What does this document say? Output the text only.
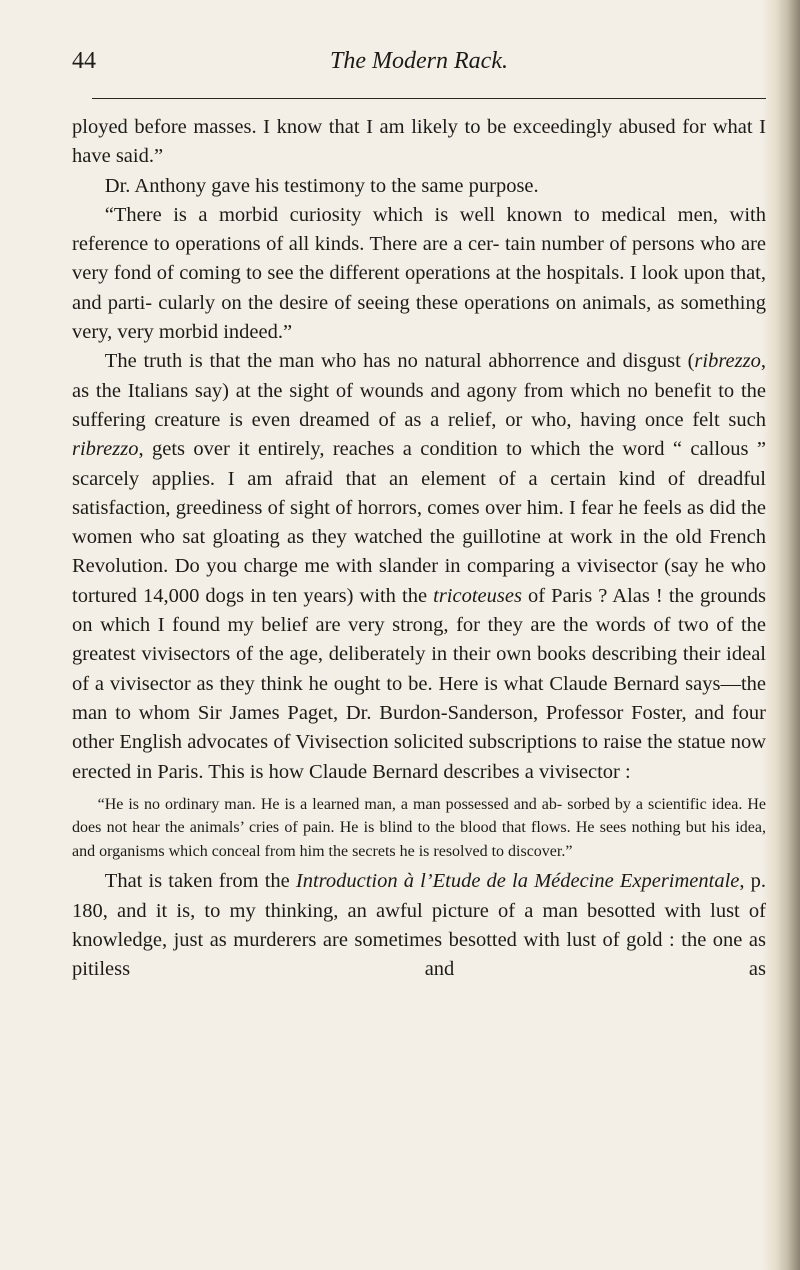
44	The Modern Rack.

ployed before masses. I know that I am likely to be exceedingly abused for what I have said.”

Dr. Anthony gave his testimony to the same purpose.

“There is a morbid curiosity which is well known to medical men, with reference to operations of all kinds. There are a cer- tain number of persons who are very fond of coming to see the different operations at the hospitals. I look upon that, and parti- cularly on the desire of seeing these operations on animals, as something very, very morbid indeed.”

The truth is that the man who has no natural abhorrence and disgust (ribrezzo, as the Italians say) at the sight of wounds and agony from which no benefit to the suffering creature is even dreamed of as a relief, or who, having once felt such ribrezzo, gets over it entirely, reaches a condition to which the word “ callous ” scarcely applies. I am afraid that an element of a certain kind of dreadful satisfaction, greediness of sight of horrors, comes over him. I fear he feels as did the women who sat gloating as they watched the guillotine at work in the old French Revolution. Do you charge me with slander in comparing a vivisector (say he who tortured 14,000 dogs in ten years) with the tricoteuses of Paris ? Alas ! the grounds on which I found my belief are very strong, for they are the words of two of the greatest vivisectors of the age, deliberately in their own books describing their ideal of a vivisector as they think he ought to be. Here is what Claude Bernard says—the man to whom Sir James Paget, Dr. Burdon-Sanderson, Professor Foster, and four other English advocates of Vivisection solicited subscriptions to raise the statue now erected in Paris. This is how Claude Bernard describes a vivisector :

“He is no ordinary man. He is a learned man, a man possessed and ab- sorbed by a scientific idea. He does not hear the animals’ cries of pain. He is blind to the blood that flows. He sees nothing but his idea, and organisms which conceal from him the secrets he is resolved to discover.”

That is taken from the Introduction à l’Etude de la Médecine Experimentale, p. 180, and it is, to my thinking, an awful picture of a man besotted with lust of knowledge, just as murderers are sometimes besotted with lust of gold : the one as pitiless and as
